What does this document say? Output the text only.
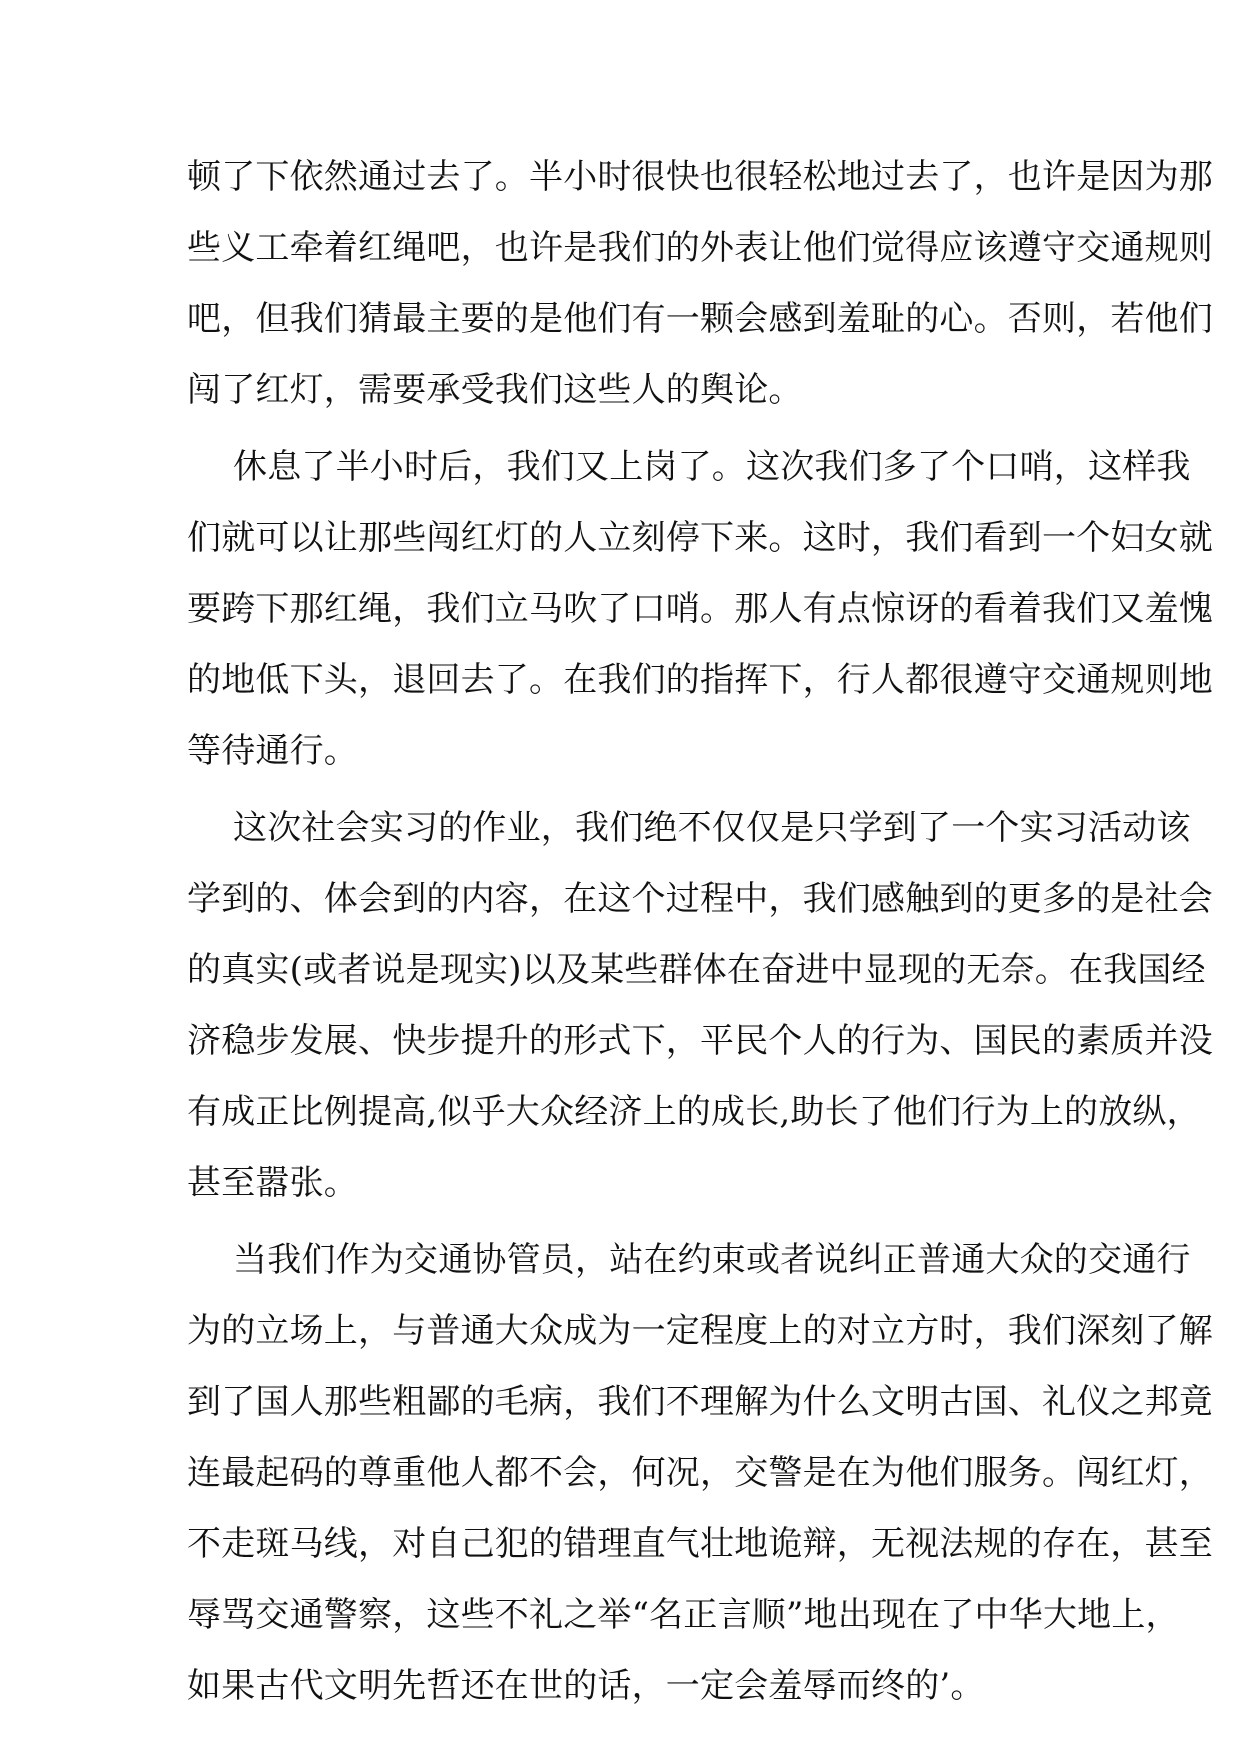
顿了下依然通过去了。半小时很快也很轻松地过去了，也许是因为那
些义工牵着红绳吧，也许是我们的外表让他们觉得应该遵守交通规则
吧，但我们猜最主要的是他们有一颗会感到羞耻的心。否则，若他们
闯了红灯，需要承受我们这些人的舆论。
休息了半小时后，我们又上岗了。这次我们多了个口哨，这样我
们就可以让那些闯红灯的人立刻停下来。这时，我们看到一个妇女就
要跨下那红绳，我们立马吹了口哨。那人有点惊讶的看着我们又羞愧
的地低下头，退回去了。在我们的指挥下，行人都很遵守交通规则地
等待通行。
这次社会实习的作业，我们绝不仅仅是只学到了一个实习活动该
学到的、体会到的内容，在这个过程中，我们感触到的更多的是社会
的真实(或者说是现实)以及某些群体在奋进中显现的无奈。在我国经
济稳步发展、快步提升的形式下，平民个人的行为、国民的素质并没
有成正比例提高,似乎大众经济上的成长,助长了他们行为上的放纵，
甚至嚣张。
当我们作为交通协管员，站在约束或者说纠正普通大众的交通行
为的立场上，与普通大众成为一定程度上的对立方时，我们深刻了解
到了国人那些粗鄙的毛病，我们不理解为什么文明古国、礼仪之邦竟
连最起码的尊重他人都不会，何况，交警是在为他们服务。闯红灯，
不走斑马线，对自己犯的错理直气壮地诡辩，无视法规的存在，甚至
辱骂交通警察，这些不礼之举“名正言顺”地出现在了中华大地上，
如果古代文明先哲还在世的话，一定会羞辱而终的’。
